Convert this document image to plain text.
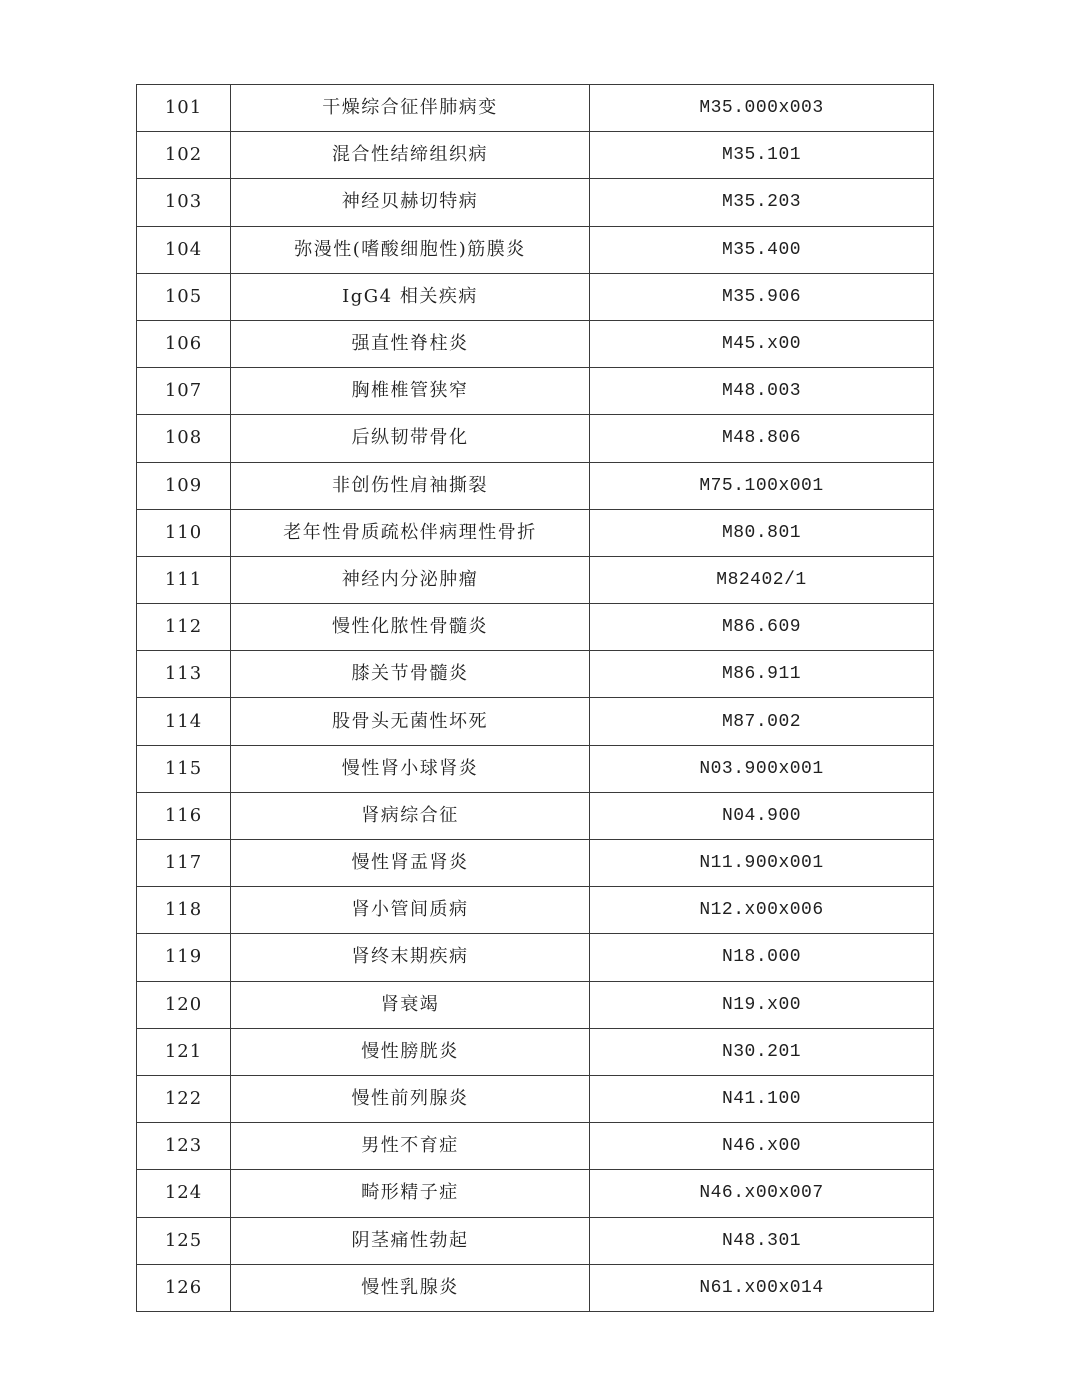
101	干燥综合征伴肺病变	M35.000x003
102	混合性结缔组织病	M35.101
103	神经贝赫切特病	M35.203
104	弥漫性(嗜酸细胞性)筋膜炎	M35.400
105	IgG4 相关疾病	M35.906
106	强直性脊柱炎	M45.x00
107	胸椎椎管狭窄	M48.003
108	后纵韧带骨化	M48.806
109	非创伤性肩袖撕裂	M75.100x001
110	老年性骨质疏松伴病理性骨折	M80.801
111	神经内分泌肿瘤	M82402/1
112	慢性化脓性骨髓炎	M86.609
113	膝关节骨髓炎	M86.911
114	股骨头无菌性坏死	M87.002
115	慢性肾小球肾炎	N03.900x001
116	肾病综合征	N04.900
117	慢性肾盂肾炎	N11.900x001
118	肾小管间质病	N12.x00x006
119	肾终末期疾病	N18.000
120	肾衰竭	N19.x00
121	慢性膀胱炎	N30.201
122	慢性前列腺炎	N41.100
123	男性不育症	N46.x00
124	畸形精子症	N46.x00x007
125	阴茎痛性勃起	N48.301
126	慢性乳腺炎	N61.x00x014
